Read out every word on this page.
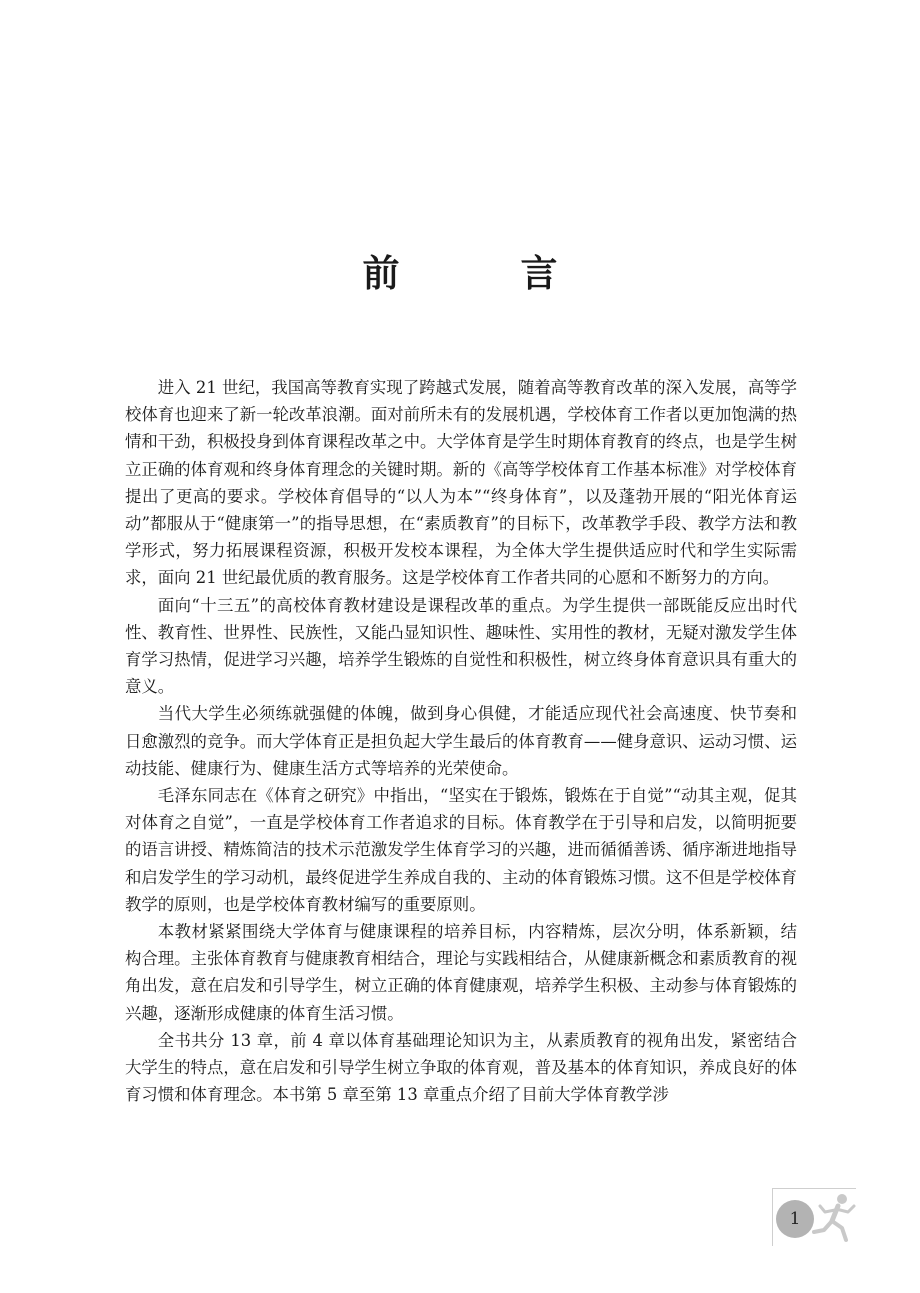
前　言

进入 21 世纪，我国高等教育实现了跨越式发展，随着高等教育改革的深入发展，高等学校体育也迎来了新一轮改革浪潮。面对前所未有的发展机遇，学校体育工作者以更加饱满的热情和干劲，积极投身到体育课程改革之中。大学体育是学生时期体育教育的终点，也是学生树立正确的体育观和终身体育理念的关键时期。新的《高等学校体育工作基本标准》对学校体育提出了更高的要求。学校体育倡导的“以人为本”“终身体育”，以及蓬勃开展的“阳光体育运动”都服从于“健康第一”的指导思想，在“素质教育”的目标下，改革教学手段、教学方法和教学形式，努力拓展课程资源，积极开发校本课程，为全体大学生提供适应时代和学生实际需求，面向 21 世纪最优质的教育服务。这是学校体育工作者共同的心愿和不断努力的方向。

面向“十三五”的高校体育教材建设是课程改革的重点。为学生提供一部既能反应出时代性、教育性、世界性、民族性，又能凸显知识性、趣味性、实用性的教材，无疑对激发学生体育学习热情，促进学习兴趣，培养学生锻炼的自觉性和积极性，树立终身体育意识具有重大的意义。

当代大学生必须练就强健的体魄，做到身心俱健，才能适应现代社会高速度、快节奏和日愈激烈的竞争。而大学体育正是担负起大学生最后的体育教育——健身意识、运动习惯、运动技能、健康行为、健康生活方式等培养的光荣使命。

毛泽东同志在《体育之研究》中指出，“坚实在于锻炼，锻炼在于自觉”“动其主观，促其对体育之自觉”，一直是学校体育工作者追求的目标。体育教学在于引导和启发，以简明扼要的语言讲授、精炼简洁的技术示范激发学生体育学习的兴趣，进而循循善诱、循序渐进地指导和启发学生的学习动机，最终促进学生养成自我的、主动的体育锻炼习惯。这不但是学校体育教学的原则，也是学校体育教材编写的重要原则。

本教材紧紧围绕大学体育与健康课程的培养目标，内容精炼，层次分明，体系新颖，结构合理。主张体育教育与健康教育相结合，理论与实践相结合，从健康新概念和素质教育的视角出发，意在启发和引导学生，树立正确的体育健康观，培养学生积极、主动参与体育锻炼的兴趣，逐渐形成健康的体育生活习惯。

全书共分 13 章，前 4 章以体育基础理论知识为主，从素质教育的视角出发，紧密结合大学生的特点，意在启发和引导学生树立争取的体育观，普及基本的体育知识，养成良好的体育习惯和体育理念。本书第 5 章至第 13 章重点介绍了目前大学体育教学涉

1
